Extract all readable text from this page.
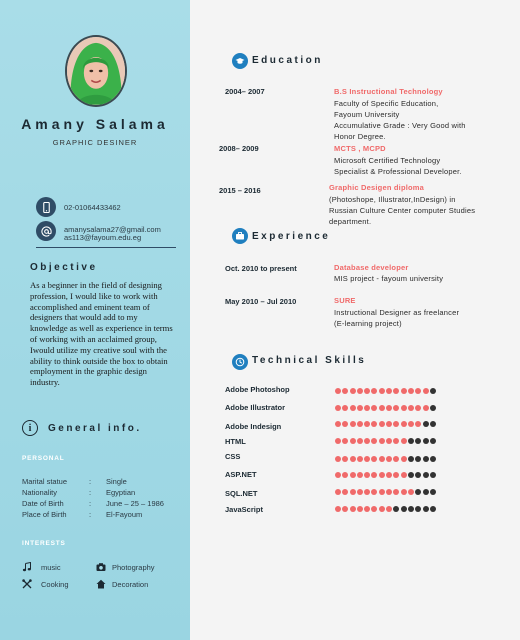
Amany Salama
GRAPHIC DESINER
02-01064433462
amanysalama27@gmail.com
as113@fayoum.edu.eg
Objective
As a beginner in the field of designing profession, I would like to work with accomplished and eminent team of designers that would add to my knowledge as well as experience in terms of working with an acclaimed group, Iwould utilize my creative soul with the ability to think outside the box to obtain employment in the graphic design industry.
i	General info.
PERSONAL
Marital statue	: Single
Nationality	: Egyptian
Date of Birth	: June – 25 – 1986
Place of Birth	: El-Fayoum
INTERESTS
music	Photography
Cooking	Decoration
Education
2004– 2007	B.S Instructional Technology
Faculty of Specific Education,
Fayoum University
Accumulative Grade : Very Good with
Honor Degree.
2008– 2009	MCTS , MCPD
Microsoft Certified Technology
Specialist & Professional Developer.
2015 – 2016	Graphic Desigen diploma
(Photoshope, Illustrator,InDesign) in
Russian Culture Center computer Studies
department.
Experience
Oct. 2010 to present	Database developer
MIS project - fayoum university
May 2010 – Jul 2010	SURE
Instructional Designer as freelancer
(E-learning project)
Technical Skills
Adobe Photoshop
Adobe Illustrator
Adobe Indesign
HTML
CSS
ASP.NET
SQL.NET
JavaScript
